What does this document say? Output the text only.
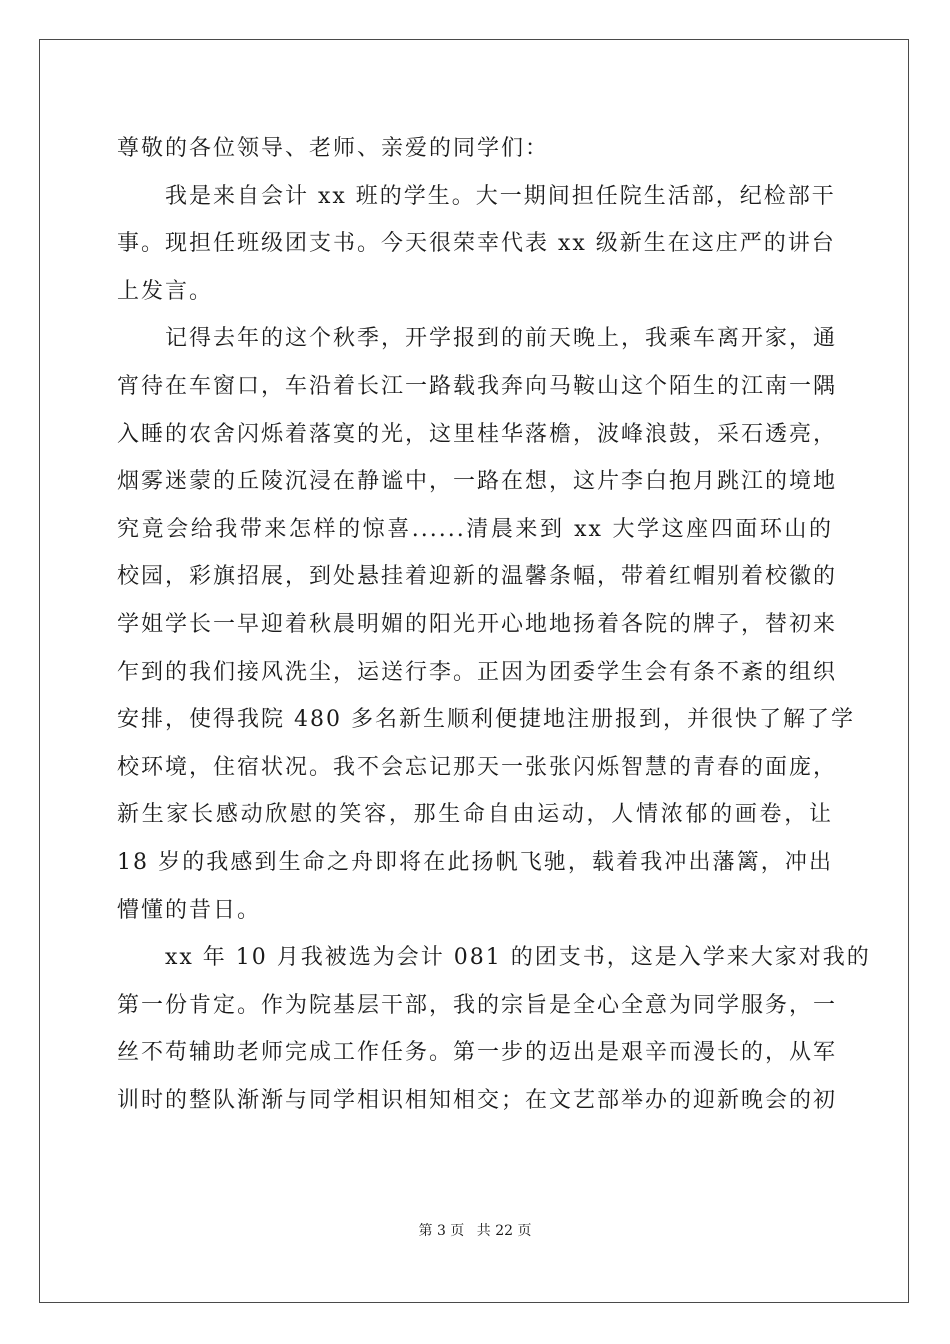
尊敬的各位领导、老师、亲爱的同学们：

我是来自会计 xx 班的学生。大一期间担任院生活部，纪检部干
事。现担任班级团支书。今天很荣幸代表 xx 级新生在这庄严的讲台
上发言。

记得去年的这个秋季，开学报到的前天晚上，我乘车离开家，通
宵待在车窗口，车沿着长江一路载我奔向马鞍山这个陌生的江南一隅
入睡的农舍闪烁着落寞的光，这里桂华落檐，波峰浪鼓，采石透亮，
烟雾迷蒙的丘陵沉浸在静谧中，一路在想，这片李白抱月跳江的境地
究竟会给我带来怎样的惊喜......清晨来到 xx 大学这座四面环山的
校园，彩旗招展，到处悬挂着迎新的温馨条幅，带着红帽别着校徽的
学姐学长一早迎着秋晨明媚的阳光开心地地扬着各院的牌子，替初来
乍到的我们接风洗尘，运送行李。正因为团委学生会有条不紊的组织
安排，使得我院 480 多名新生顺利便捷地注册报到，并很快了解了学
校环境，住宿状况。我不会忘记那天一张张闪烁智慧的青春的面庞，
新生家长感动欣慰的笑容，那生命自由运动，人情浓郁的画卷，让
18 岁的我感到生命之舟即将在此扬帆飞驰，载着我冲出藩篱，冲出
懵懂的昔日。

xx 年 10 月我被选为会计 081 的团支书，这是入学来大家对我的
第一份肯定。作为院基层干部，我的宗旨是全心全意为同学服务，一
丝不苟辅助老师完成工作任务。第一步的迈出是艰辛而漫长的，从军
训时的整队渐渐与同学相识相知相交；在文艺部举办的迎新晚会的初

第 3 页 共 22 页
